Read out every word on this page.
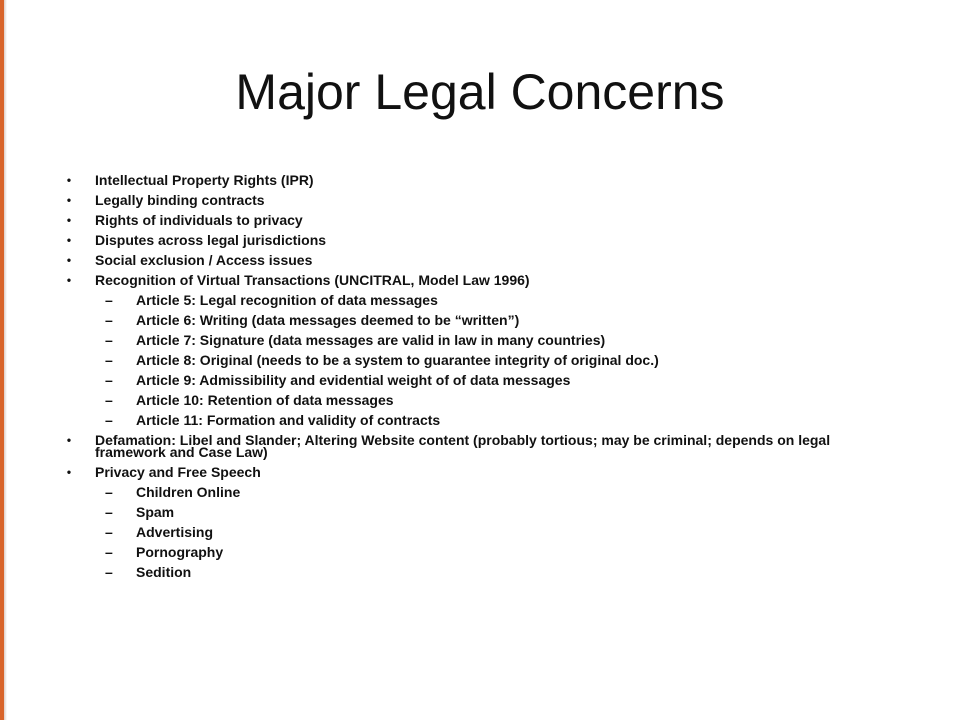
Major Legal Concerns
• Intellectual Property Rights (IPR)
• Legally binding contracts
• Rights of individuals to privacy
• Disputes across legal jurisdictions
• Social exclusion / Access issues
• Recognition of Virtual Transactions (UNCITRAL, Model Law 1996)
– Article 5: Legal recognition of data messages
– Article 6: Writing (data messages deemed to be “written”)
– Article 7: Signature (data messages are valid in law in many countries)
– Article 8: Original (needs to be a system to guarantee integrity of original doc.)
– Article 9: Admissibility and evidential weight of of data messages
– Article 10: Retention of data messages
– Article 11: Formation and validity of contracts
• Defamation: Libel and Slander; Altering Website content (probably tortious; may be criminal; depends on legal framework and Case Law)
• Privacy and Free Speech
– Children Online
– Spam
– Advertising
– Pornography
– Sedition
